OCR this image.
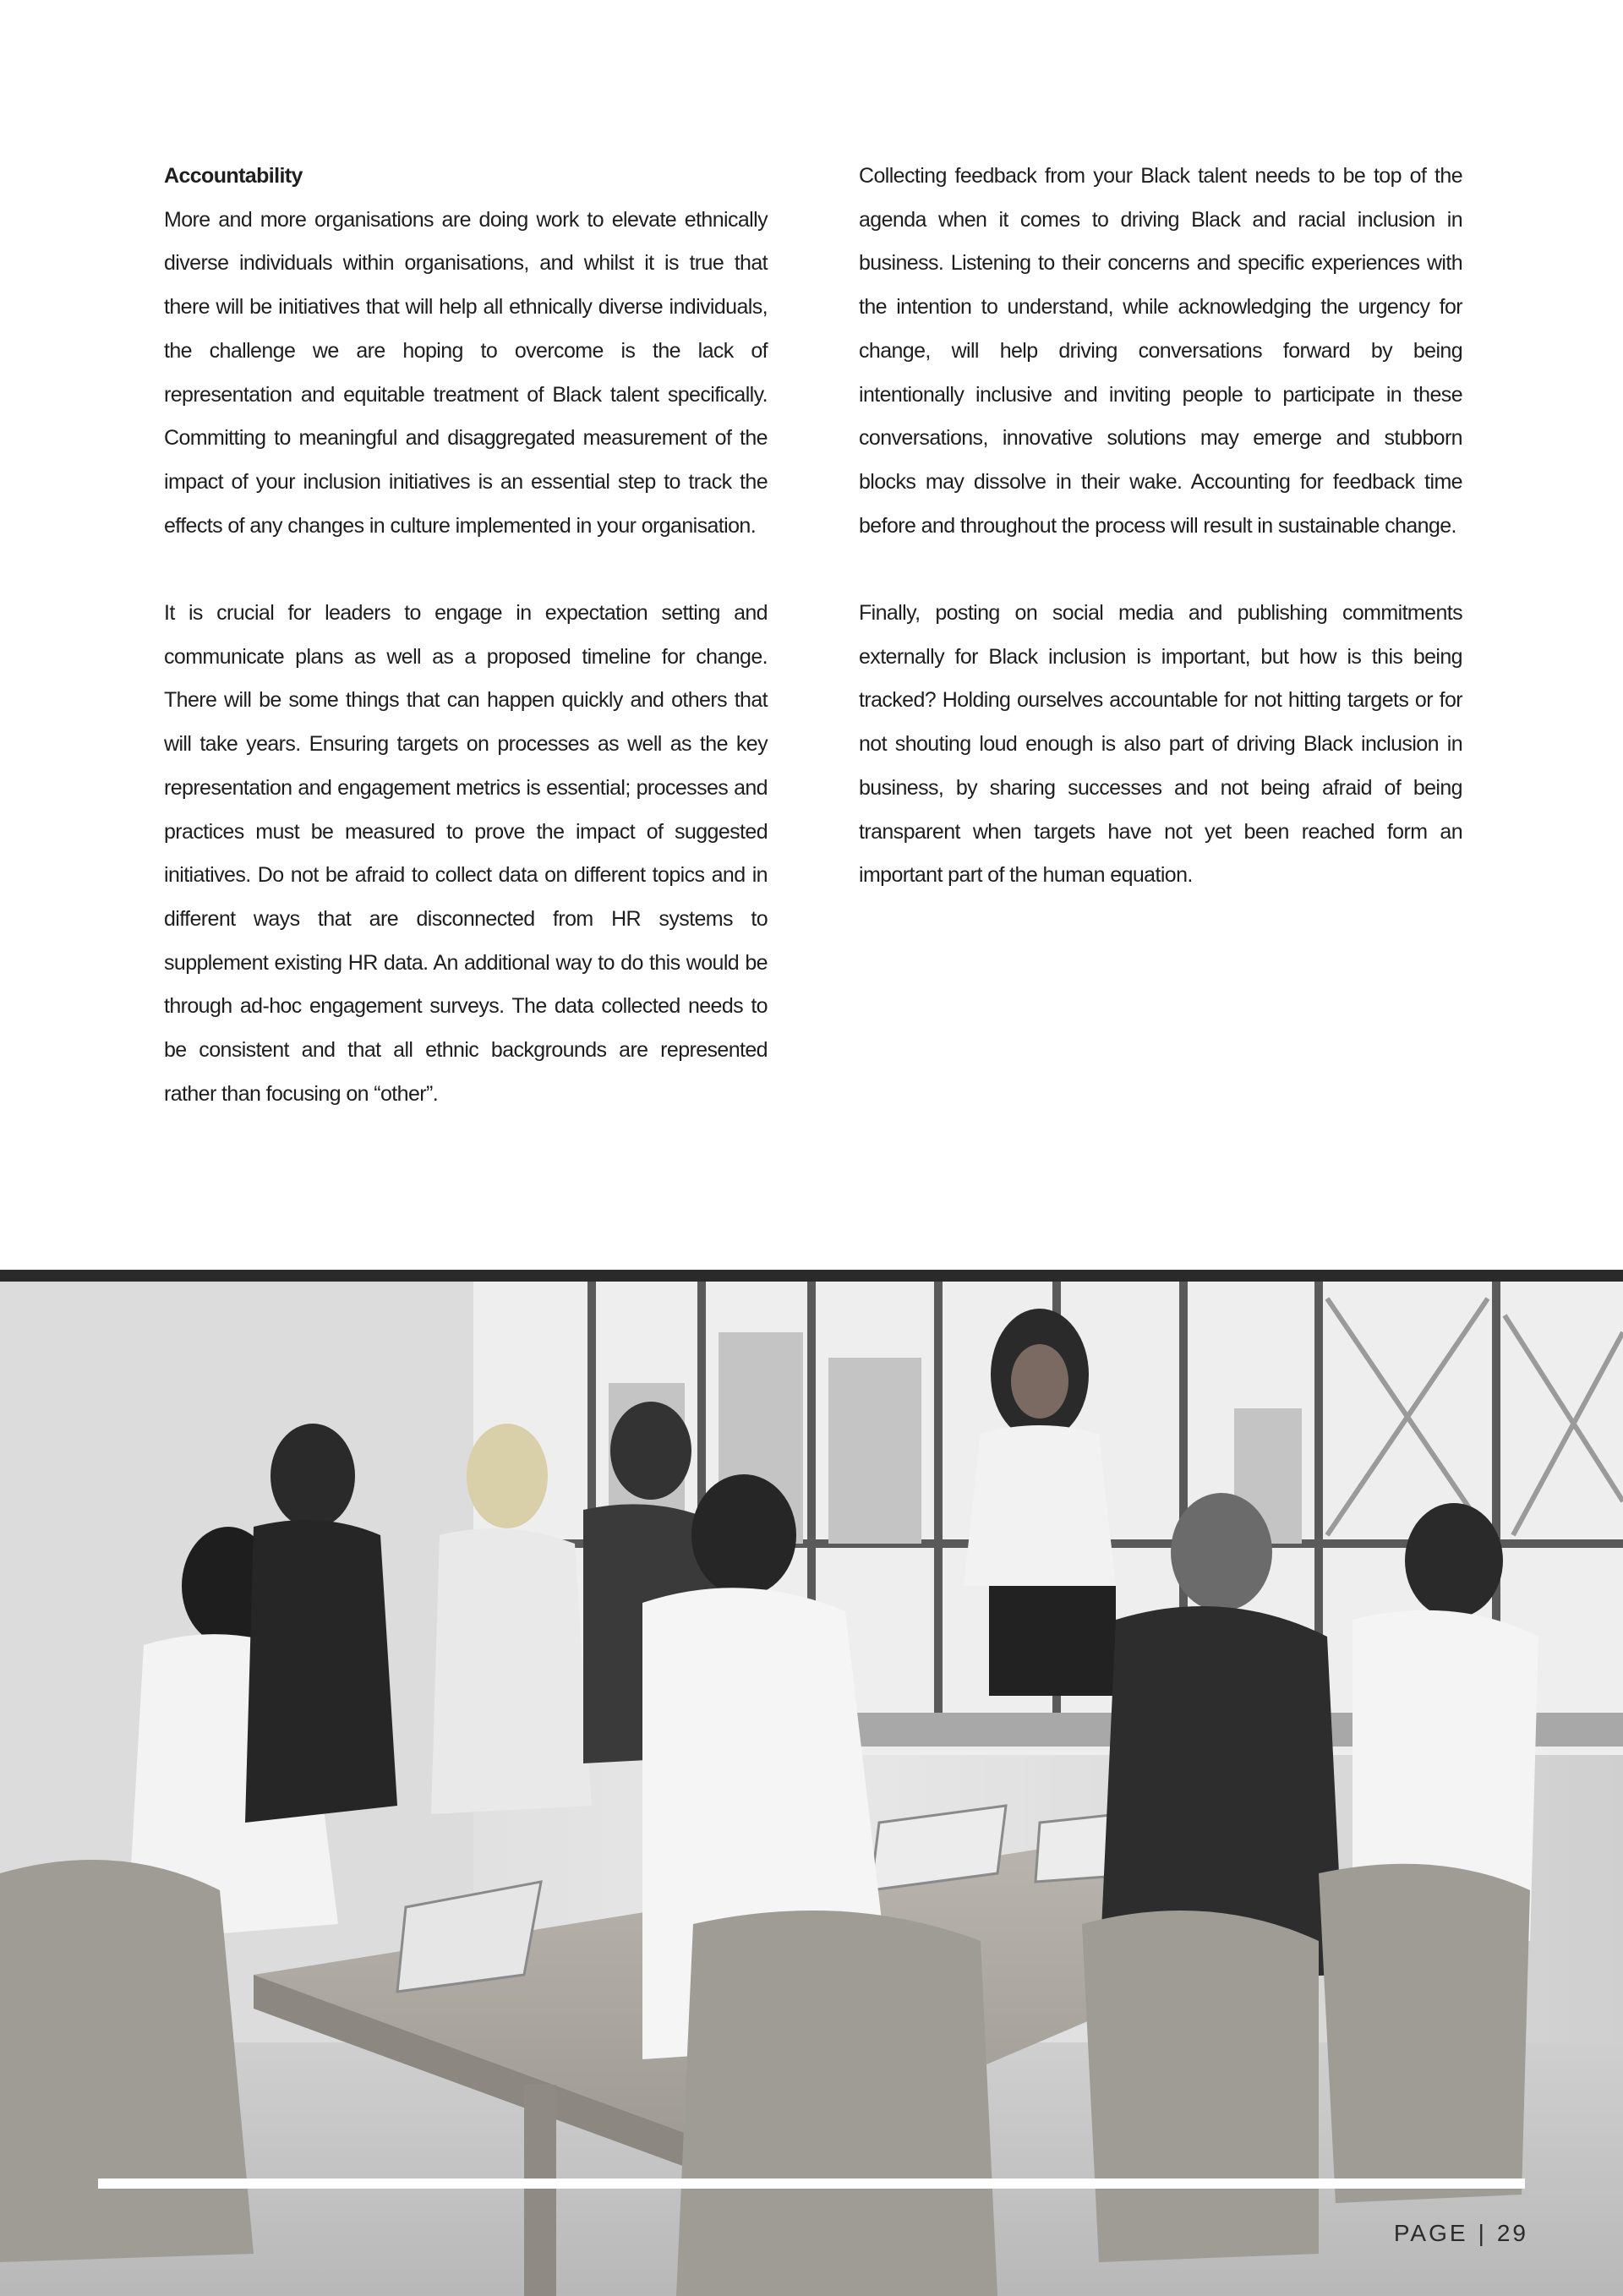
Accountability

More and more organisations are doing work to elevate ethnically diverse individuals within organisations, and whilst it is true that there will be initiatives that will help all ethnically diverse individuals, the challenge we are hoping to overcome is the lack of representation and equitable treatment of Black talent specifically. Committing to meaningful and disaggregated measurement of the impact of your inclusion initiatives is an essential step to track the effects of any changes in culture implemented in your organisation.

It is crucial for leaders to engage in expectation setting and communicate plans as well as a proposed timeline for change. There will be some things that can happen quickly and others that will take years. Ensuring targets on processes as well as the key representation and engagement metrics is essential; processes and practices must be measured to prove the impact of suggested initiatives. Do not be afraid to collect data on different topics and in different ways that are disconnected from HR systems to supplement existing HR data. An additional way to do this would be through ad-hoc engagement surveys. The data collected needs to be consistent and that all ethnic backgrounds are represented rather than focusing on “other”.

Collecting feedback from your Black talent needs to be top of the agenda when it comes to driving Black and racial inclusion in business. Listening to their concerns and specific experiences with the intention to understand, while acknowledging the urgency for change, will help driving conversations forward by being intentionally inclusive and inviting people to participate in these conversations, innovative solutions may emerge and stubborn blocks may dissolve in their wake. Accounting for feedback time before and throughout the process will result in sustainable change.

Finally, posting on social media and publishing commitments externally for Black inclusion is important, but how is this being tracked? Holding ourselves accountable for not hitting targets or for not shouting loud enough is also part of driving Black inclusion in business, by sharing successes and not being afraid of being transparent when targets have not yet been reached form an important part of the human equation.

PAGE | 29
